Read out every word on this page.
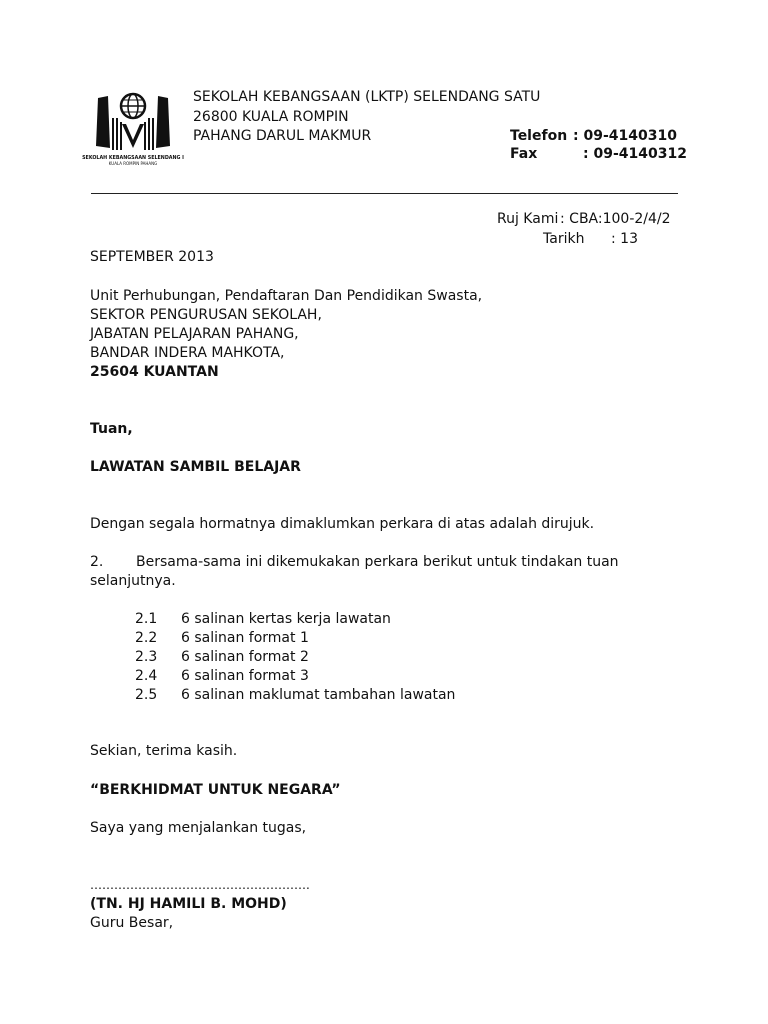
SEKOLAH KEBANGSAAN SELENDANG I
KUALA ROMPIN PAHANG
SEKOLAH KEBANGSAAN (LKTP) SELENDANG SATU
26800 KUALA ROMPIN
PAHANG DARUL MAKMUR	Telefon : 09-4140310
Fax	: 09-4140312
Ruj Kami : CBA:100-2/4/2
Tarikh : 13
SEPTEMBER 2013
Unit Perhubungan, Pendaftaran Dan Pendidikan Swasta,
SEKTOR PENGURUSAN SEKOLAH,
JABATAN PELAJARAN PAHANG,
BANDAR INDERA MAHKOTA,
25604 KUANTAN
Tuan,
LAWATAN SAMBIL BELAJAR
Dengan segala hormatnya dimaklumkan perkara di atas adalah dirujuk.
2. Bersama-sama ini dikemukakan perkara berikut untuk tindakan tuan
selanjutnya.
2.1 6 salinan kertas kerja lawatan
2.2 6 salinan format 1
2.3 6 salinan format 2
2.4 6 salinan format 3
2.5 6 salinan maklumat tambahan lawatan
Sekian, terima kasih.
“BERKHIDMAT UNTUK NEGARA”
Saya yang menjalankan tugas,
……………………………………………….
(TN. HJ HAMILI B. MOHD)
Guru Besar,
